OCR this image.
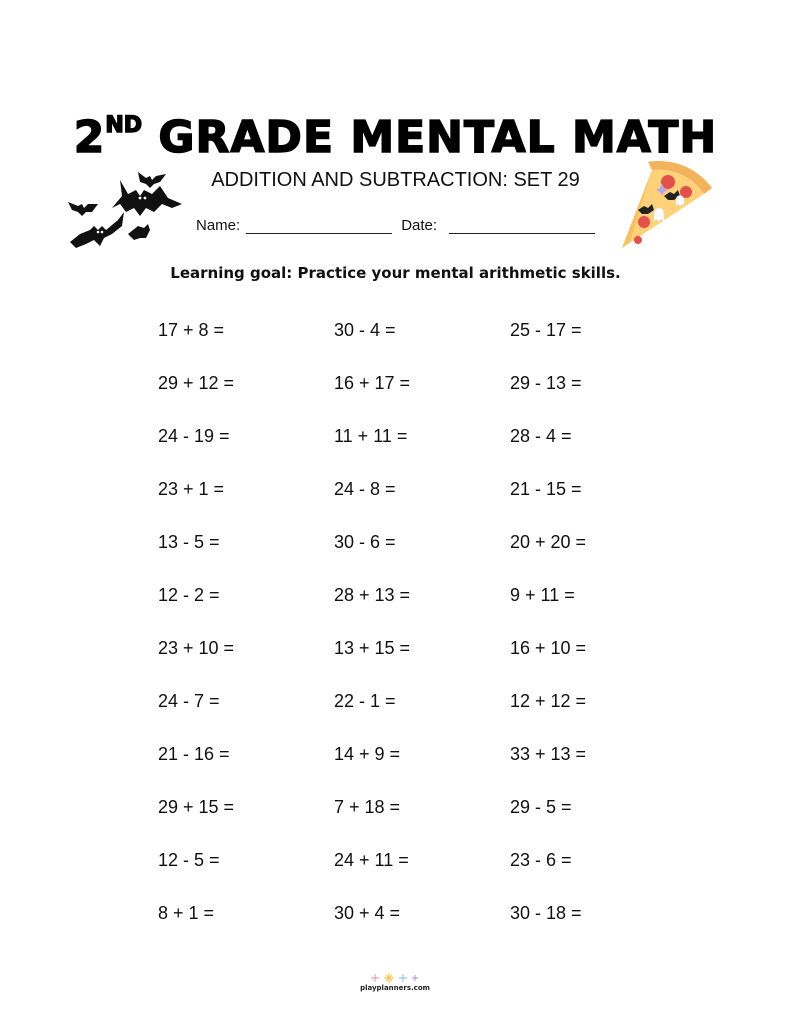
2ND GRADE MENTAL MATH
ADDITION AND SUBTRACTION: SET 29
Name:	Date:
Learning goal: Practice your mental arithmetic skills.
17 + 8 =	30 - 4 =	25 - 17 =
29 + 12 =	16 + 17 =	29 - 13 =
24 - 19 =	11 + 11 =	28 - 4 =
23 + 1 =	24 - 8 =	21 - 15 =
13 - 5 =	30 - 6 =	20 + 20 =
12 - 2 =	28 + 13 =	9 + 11 =
23 + 10 =	13 + 15 =	16 + 10 =
24 - 7 =	22 - 1 =	12 + 12 =
21 - 16 =	14 + 9 =	33 + 13 =
29 + 15 =	7 + 18 =	29 - 5 =
12 - 5 =	24 + 11 =	23 - 6 =
8 + 1 =	30 + 4 =	30 - 18 =
playplanners.com
